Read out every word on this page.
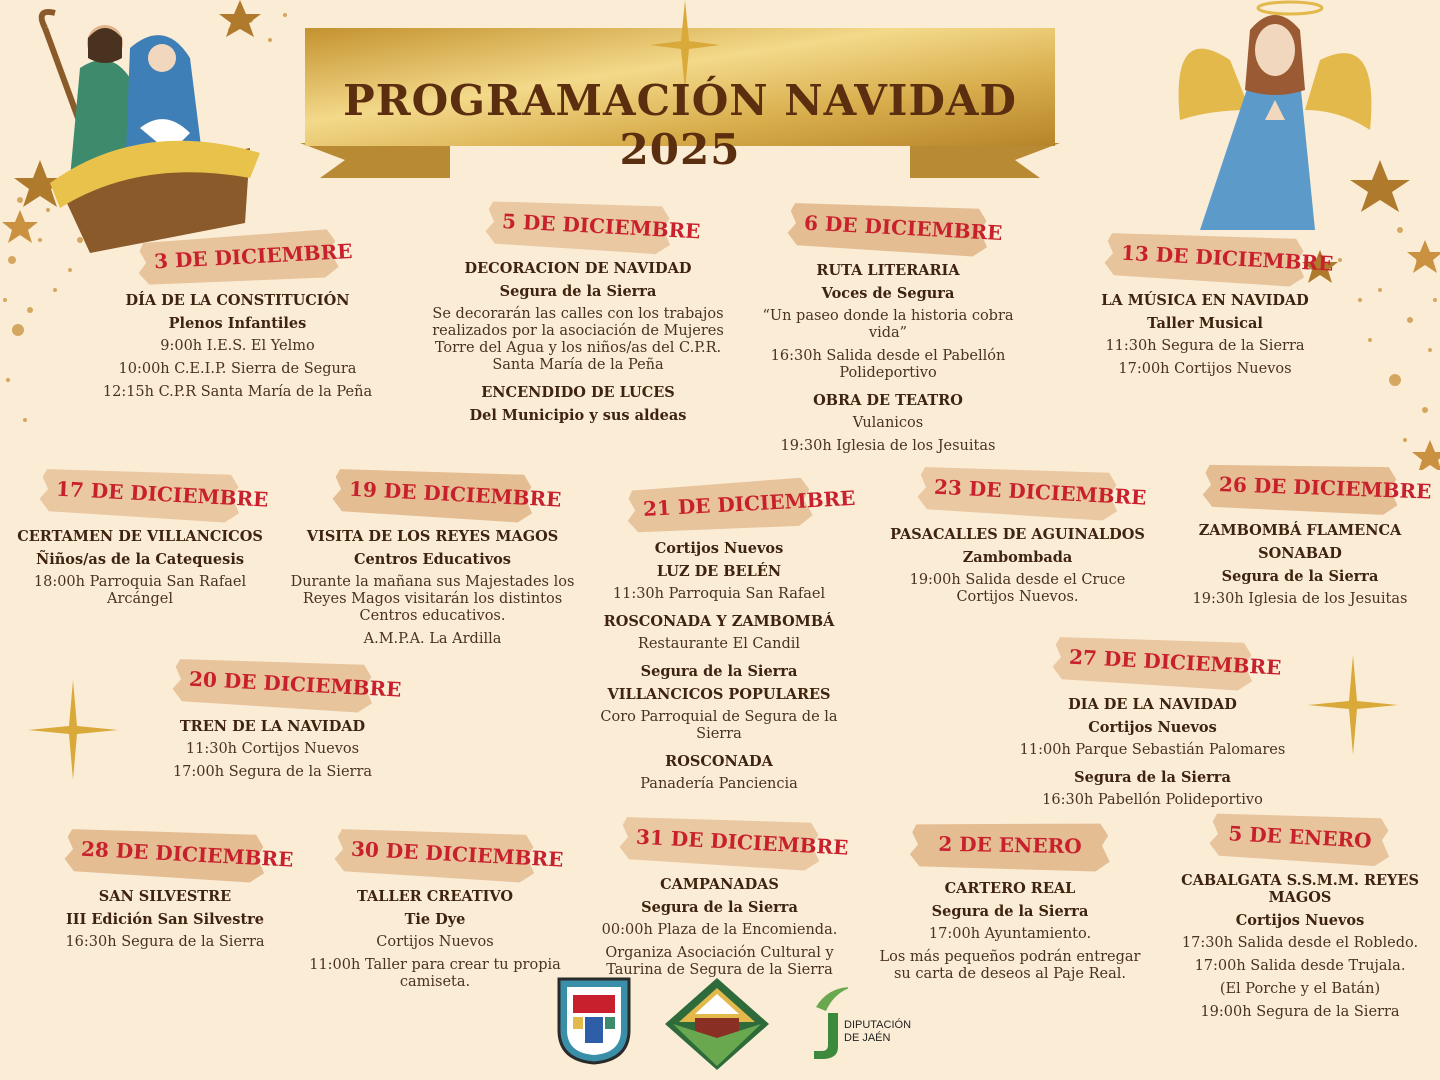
PROGRAMACIÓN NAVIDAD 2025
3 DE DICIEMBRE
DÍA DE LA CONSTITUCIÓN
Plenos Infantiles
9:00h I.E.S. El Yelmo
10:00h C.E.I.P. Sierra de Segura
12:15h C.P.R Santa María de la Peña
5 DE DICIEMBRE
DECORACION DE NAVIDAD
Segura de la Sierra
Se decorarán las calles con los trabajos realizados por la asociación de Mujeres Torre del Agua y los niños/as del C.P.R. Santa María de la Peña
ENCENDIDO DE LUCES
Del Municipio y sus aldeas
6 DE DICIEMBRE
RUTA LITERARIA
Voces de Segura
“Un paseo donde la historia cobra vida”
16:30h Salida desde el Pabellón Polideportivo
OBRA DE TEATRO
Vulanicos
19:30h Iglesia de los Jesuitas
13 DE DICIEMBRE
LA MÚSICA EN NAVIDAD
Taller Musical
11:30h Segura de la Sierra
17:00h Cortijos Nuevos
17 DE DICIEMBRE
CERTAMEN DE VILLANCICOS
Ñiños/as de la Catequesis
18:00h Parroquia San Rafael Arcángel
19 DE DICIEMBRE
VISITA DE LOS REYES MAGOS
Centros Educativos
Durante la mañana sus Majestades los Reyes Magos visitarán los distintos Centros educativos.
A.M.P.A. La Ardilla
21 DE DICIEMBRE
Cortijos Nuevos
LUZ DE BELÉN
11:30h Parroquia San Rafael
ROSCONADA Y ZAMBOMBÁ
Restaurante El Candil
Segura de la Sierra
VILLANCICOS POPULARES
Coro Parroquial de Segura de la Sierra
ROSCONADA
Panadería Panciencia
23 DE DICIEMBRE
PASACALLES DE AGUINALDOS
Zambombada
19:00h Salida desde el Cruce Cortijos Nuevos.
26 DE DICIEMBRE
ZAMBOMBÁ FLAMENCA
SONABAD
Segura de la Sierra
19:30h Iglesia de los Jesuitas
20 DE DICIEMBRE
TREN DE LA NAVIDAD
11:30h Cortijos Nuevos
17:00h Segura de la Sierra
27 DE DICIEMBRE
DIA DE LA NAVIDAD
Cortijos Nuevos
11:00h Parque Sebastián Palomares
Segura de la Sierra
16:30h Pabellón Polideportivo
28 DE DICIEMBRE
SAN SILVESTRE
III Edición San Silvestre
16:30h Segura de la Sierra
30 DE DICIEMBRE
TALLER CREATIVO
Tie Dye
Cortijos Nuevos
11:00h Taller para crear tu propia camiseta.
31 DE DICIEMBRE
CAMPANADAS
Segura de la Sierra
00:00h Plaza de la Encomienda.
Organiza Asociación Cultural y Taurina de Segura de la Sierra
2 DE ENERO
CARTERO REAL
Segura de la Sierra
17:00h Ayuntamiento.
Los más pequeños podrán entregar su carta de deseos al Paje Real.
5 DE ENERO
CABALGATA S.S.M.M. REYES MAGOS
Cortijos Nuevos
17:30h Salida desde el Robledo.
17:00h Salida desde Trujala.
(El Porche y el Batán)
19:00h Segura de la Sierra
DIPUTACIÓN
DE JAÉN
